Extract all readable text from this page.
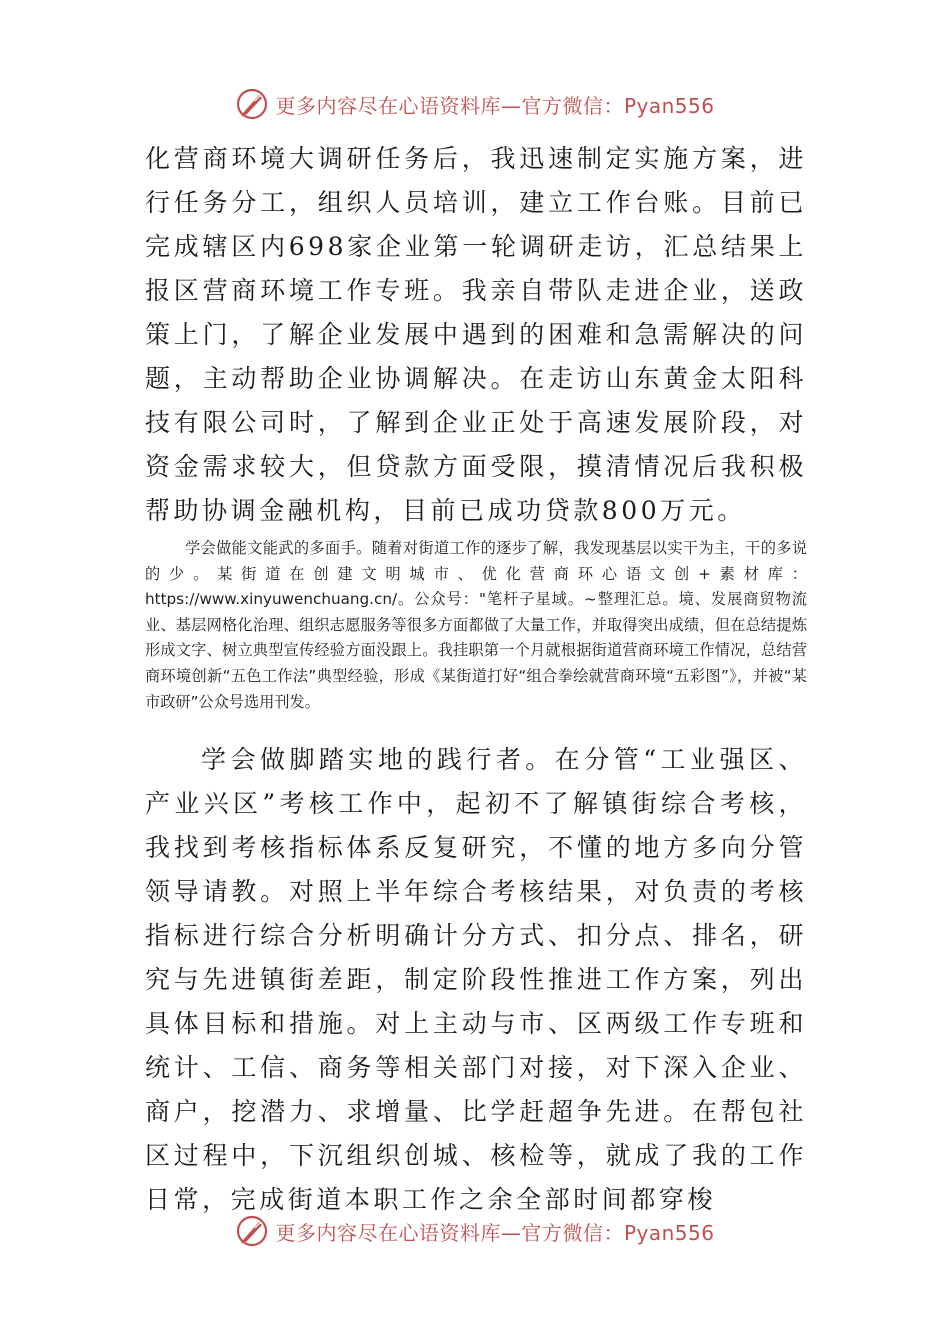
更多内容尽在心语资料库—官方微信：Pyan556

化营商环境大调研任务后，我迅速制定实施方案，进行任务分工，组织人员培训，建立工作台账。目前已完成辖区内698家企业第一轮调研走访，汇总结果上报区营商环境工作专班。我亲自带队走进企业，送政策上门，了解企业发展中遇到的困难和急需解决的问题，主动帮助企业协调解决。在走访山东黄金太阳科技有限公司时，了解到企业正处于高速发展阶段，对资金需求较大，但贷款方面受限，摸清情况后我积极帮助协调金融机构，目前已成功贷款800万元。

学会做能文能武的多面手。随着对街道工作的逐步了解，我发现基层以实干为主，干的多说的少。某街道在创建文明城市、优化营商环心语文创+素材库：https://www.xinyuwenchuang.cn/。公众号："笔杆子星域。~整理汇总。境、发展商贸物流业、基层网格化治理、组织志愿服务等很多方面都做了大量工作，并取得突出成绩，但在总结提炼形成文字、树立典型宣传经验方面没跟上。我挂职第一个月就根据街道营商环境工作情况，总结营商环境创新“五色工作法”典型经验，形成《某街道打好“组合拳绘就营商环境“五彩图”》，并被“某市政研”公众号选用刊发。

学会做脚踏实地的践行者。在分管“工业强区、产业兴区”考核工作中，起初不了解镇街综合考核，我找到考核指标体系反复研究，不懂的地方多向分管领导请教。对照上半年综合考核结果，对负责的考核指标进行综合分析明确计分方式、扣分点、排名，研究与先进镇街差距，制定阶段性推进工作方案，列出具体目标和措施。对上主动与市、区两级工作专班和统计、工信、商务等相关部门对接，对下深入企业、商户，挖潜力、求增量、比学赶超争先进。在帮包社区过程中，下沉组织创城、核检等，就成了我的工作日常，完成街道本职工作之余全部时间都穿梭

更多内容尽在心语资料库—官方微信：Pyan556
